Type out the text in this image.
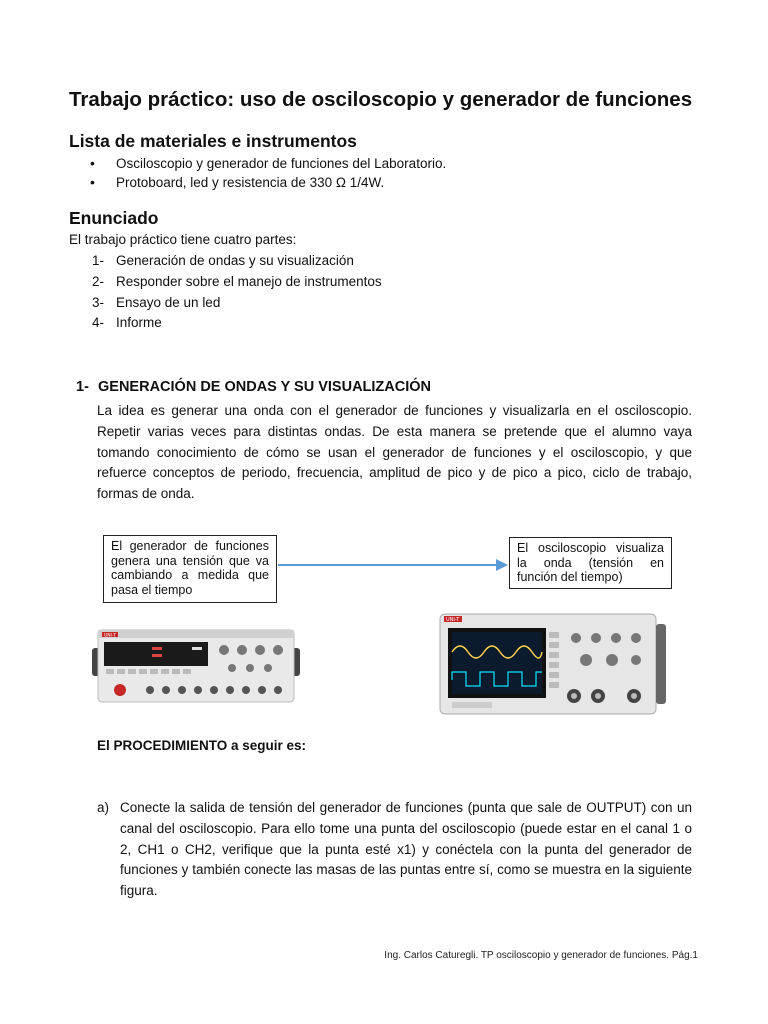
Trabajo práctico: uso de osciloscopio y generador de funciones
Lista de materiales e instrumentos
• Osciloscopio y generador de funciones del Laboratorio.
• Protoboard, led y resistencia de 330 Ω 1/4W.
Enunciado
El trabajo práctico tiene cuatro partes:
1- Generación de ondas y su visualización
2- Responder sobre el manejo de instrumentos
3- Ensayo de un led
4- Informe
1- GENERACIÓN DE ONDAS Y SU VISUALIZACIÓN

La idea es generar una onda con el generador de funciones y visualizarla en el osciloscopio. Repetir varias veces para distintas ondas. De esta manera se pretende que el alumno vaya tomando conocimiento de cómo se usan el generador de funciones y el osciloscopio, y que refuerce conceptos de periodo, frecuencia, amplitud de pico y de pico a pico, ciclo de trabajo, formas de onda.

El generador de funciones genera una tensión que va cambiando a medida que pasa el tiempo
El osciloscopio visualiza la onda (tensión en función del tiempo)
UNI-T
UNI-T
El PROCEDIMIENTO a seguir es:
a) Conecte la salida de tensión del generador de funciones (punta que sale de OUTPUT) con un canal del osciloscopio. Para ello tome una punta del osciloscopio (puede estar en el canal 1 o 2, CH1 o CH2, verifique que la punta esté x1) y conéctela con la punta del generador de funciones y también conecte las masas de las puntas entre sí, como se muestra en la siguiente figura.
Ing. Carlos Caturegli. TP osciloscopio y generador de funciones. Pág.1
